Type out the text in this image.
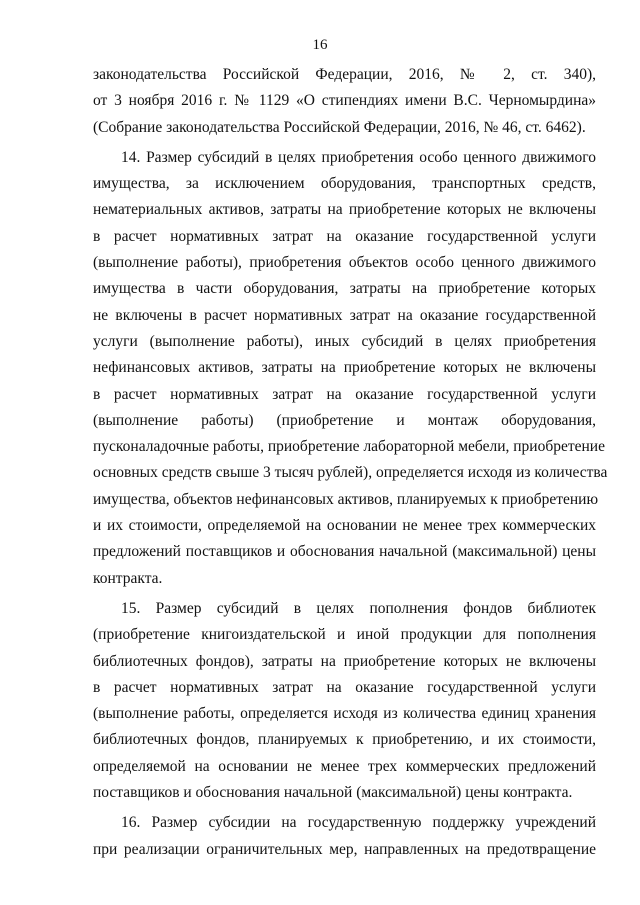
16
законодательства Российской Федерации, 2016, № 2, ст. 340),
от 3 ноября 2016 г. № 1129 «О стипендиях имени В.С. Черномырдина»
(Собрание законодательства Российской Федерации, 2016, № 46, ст. 6462).
14. Размер субсидий в целях приобретения особо ценного движимого
имущества, за исключением оборудования, транспортных средств,
нематериальных активов, затраты на приобретение которых не включены
в расчет нормативных затрат на оказание государственной услуги
(выполнение работы), приобретения объектов особо ценного движимого
имущества в части оборудования, затраты на приобретение которых
не включены в расчет нормативных затрат на оказание государственной
услуги (выполнение работы), иных субсидий в целях приобретения
нефинансовых активов, затраты на приобретение которых не включены
в расчет нормативных затрат на оказание государственной услуги
(выполнение работы) (приобретение и монтаж оборудования,
пусконаладочные работы, приобретение лабораторной мебели, приобретение
основных средств свыше 3 тысяч рублей), определяется исходя из количества
имущества, объектов нефинансовых активов, планируемых к приобретению
и их стоимости, определяемой на основании не менее трех коммерческих
предложений поставщиков и обоснования начальной (максимальной) цены
контракта.
15. Размер субсидий в целях пополнения фондов библиотек
(приобретение книгоиздательской и иной продукции для пополнения
библиотечных фондов), затраты на приобретение которых не включены
в расчет нормативных затрат на оказание государственной услуги
(выполнение работы, определяется исходя из количества единиц хранения
библиотечных фондов, планируемых к приобретению, и их стоимости,
определяемой на основании не менее трех коммерческих предложений
поставщиков и обоснования начальной (максимальной) цены контракта.
16. Размер субсидии на государственную поддержку учреждений
при реализации ограничительных мер, направленных на предотвращение
